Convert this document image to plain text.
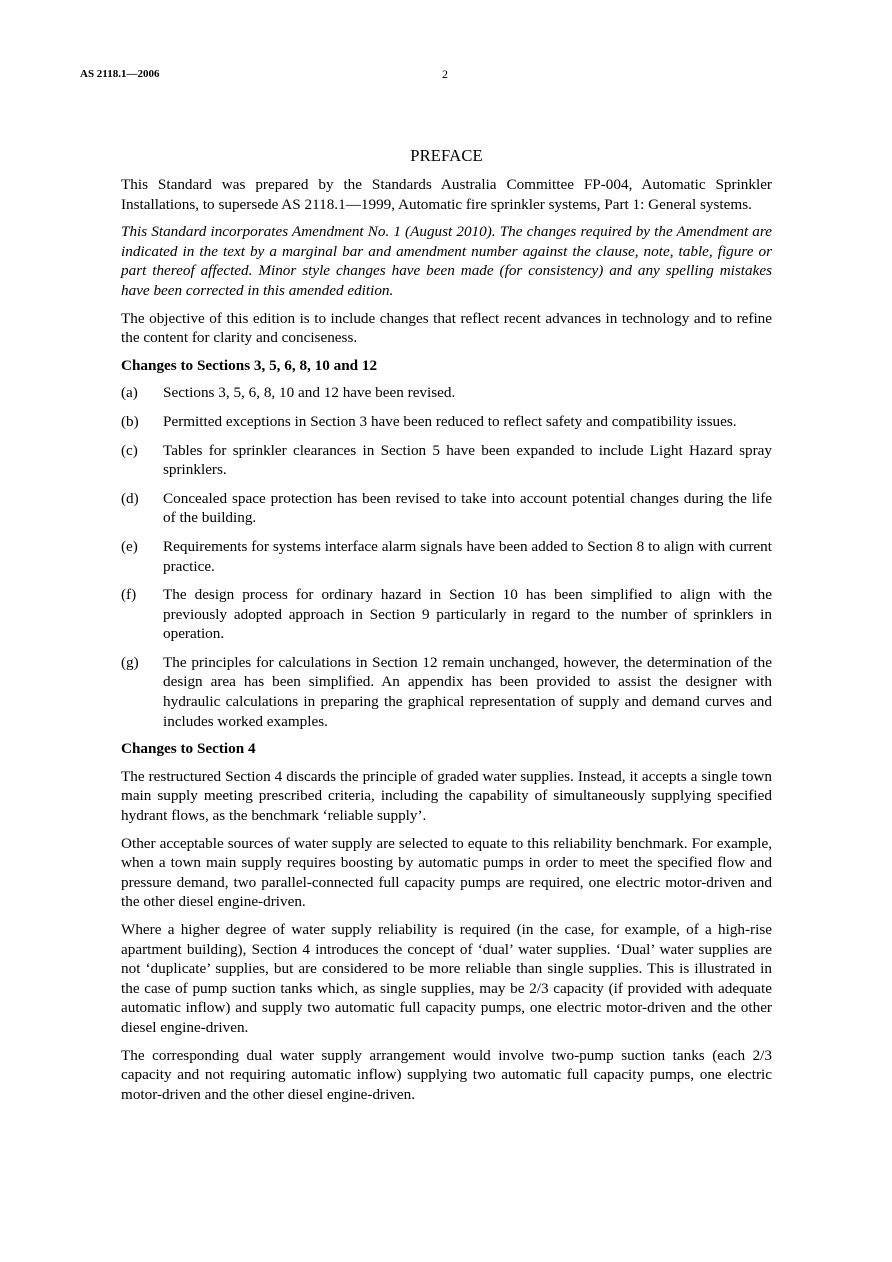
AS 2118.1—2006	2
PREFACE

This Standard was prepared by the Standards Australia Committee FP-004, Automatic Sprinkler Installations, to supersede AS 2118.1—1999, Automatic fire sprinkler systems, Part 1: General systems.

This Standard incorporates Amendment No. 1 (August 2010). The changes required by the Amendment are indicated in the text by a marginal bar and amendment number against the clause, note, table, figure or part thereof affected. Minor style changes have been made (for consistency) and any spelling mistakes have been corrected in this amended edition.

The objective of this edition is to include changes that reflect recent advances in technology and to refine the content for clarity and conciseness.

Changes to Sections 3, 5, 6, 8, 10 and 12
(a)	Sections 3, 5, 6, 8, 10 and 12 have been revised.
(b)	Permitted exceptions in Section 3 have been reduced to reflect safety and compatibility issues.
(c)	Tables for sprinkler clearances in Section 5 have been expanded to include Light Hazard spray sprinklers.
(d)	Concealed space protection has been revised to take into account potential changes during the life of the building.
(e)	Requirements for systems interface alarm signals have been added to Section 8 to align with current practice.
(f)	The design process for ordinary hazard in Section 10 has been simplified to align with the previously adopted approach in Section 9 particularly in regard to the number of sprinklers in operation.
(g)	The principles for calculations in Section 12 remain unchanged, however, the determination of the design area has been simplified. An appendix has been provided to assist the designer with hydraulic calculations in preparing the graphical representation of supply and demand curves and includes worked examples.
Changes to Section 4

The restructured Section 4 discards the principle of graded water supplies. Instead, it accepts a single town main supply meeting prescribed criteria, including the capability of simultaneously supplying specified hydrant flows, as the benchmark ‘reliable supply’.

Other acceptable sources of water supply are selected to equate to this reliability benchmark. For example, when a town main supply requires boosting by automatic pumps in order to meet the specified flow and pressure demand, two parallel-connected full capacity pumps are required, one electric motor-driven and the other diesel engine-driven.

Where a higher degree of water supply reliability is required (in the case, for example, of a high-rise apartment building), Section 4 introduces the concept of ‘dual’ water supplies. ‘Dual’ water supplies are not ‘duplicate’ supplies, but are considered to be more reliable than single supplies. This is illustrated in the case of pump suction tanks which, as single supplies, may be 2/3 capacity (if provided with adequate automatic inflow) and supply two automatic full capacity pumps, one electric motor-driven and the other diesel engine-driven.

The corresponding dual water supply arrangement would involve two-pump suction tanks (each 2/3 capacity and not requiring automatic inflow) supplying two automatic full capacity pumps, one electric motor-driven and the other diesel engine-driven.
